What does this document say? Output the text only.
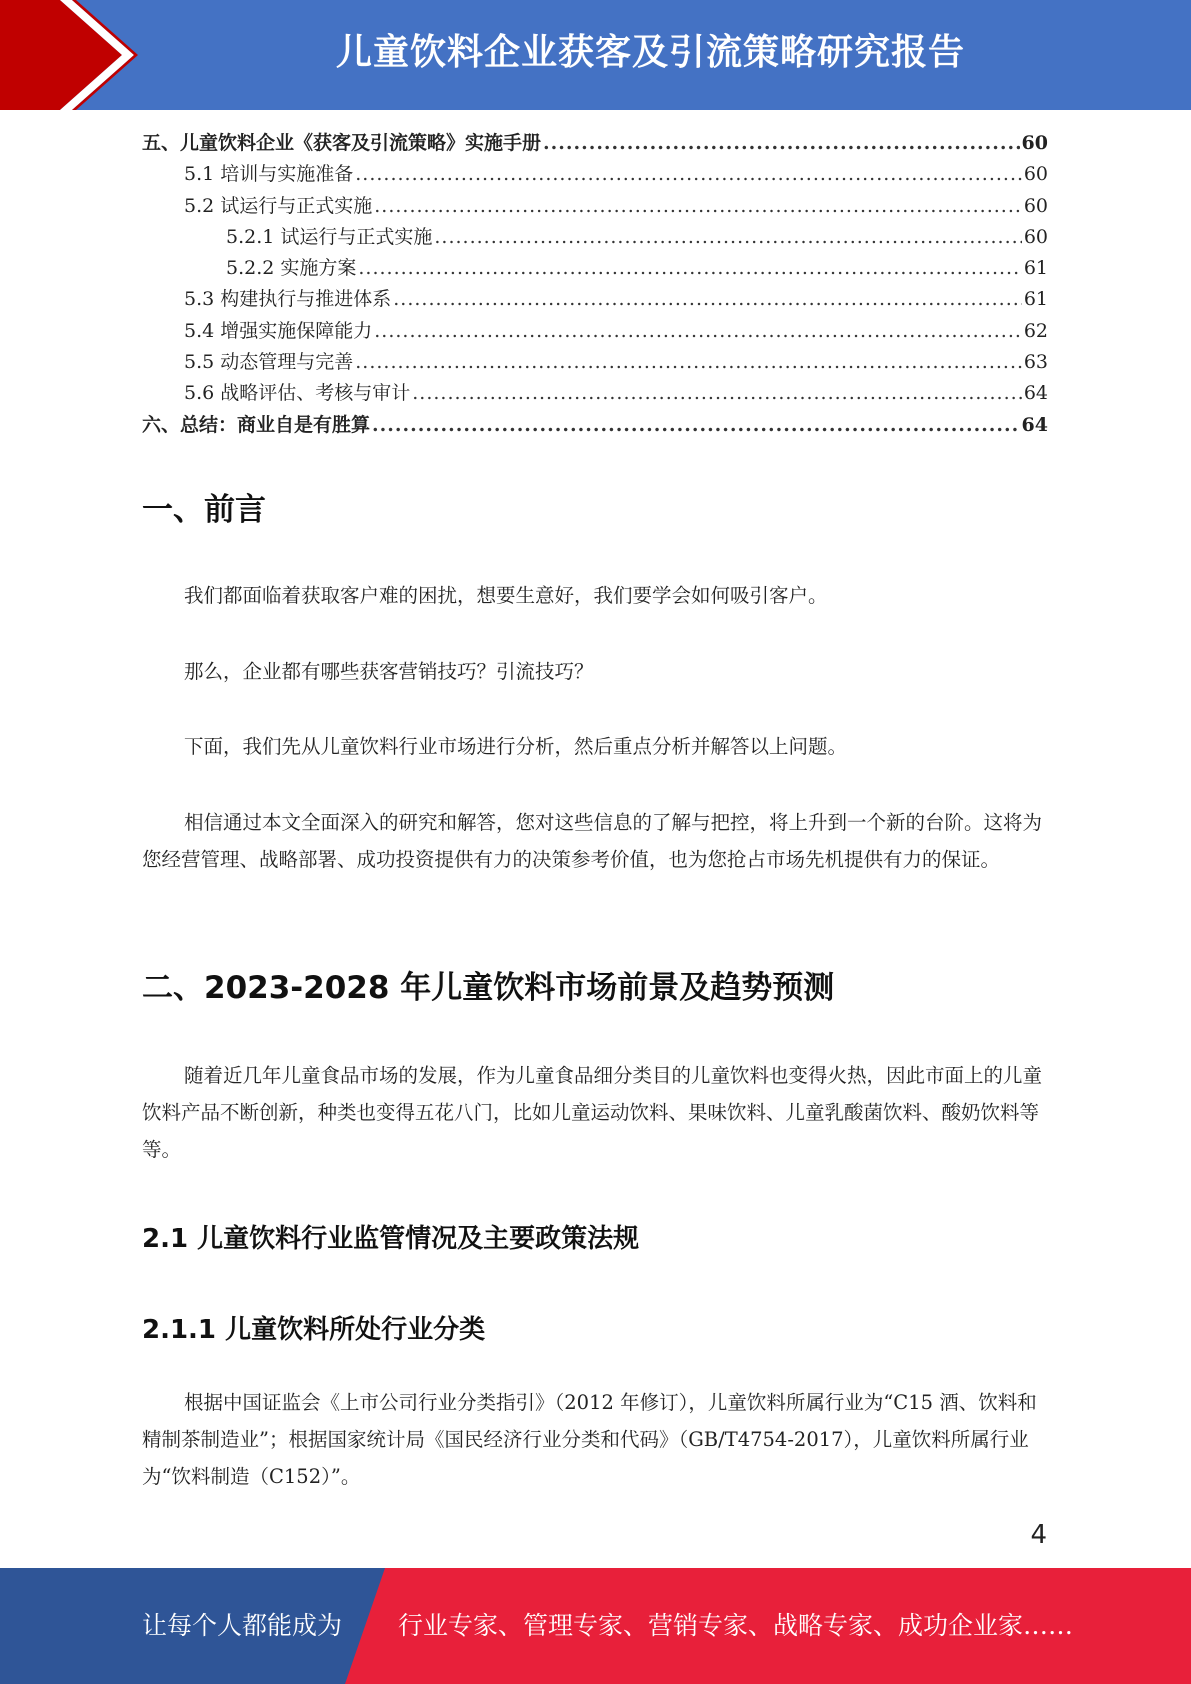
儿童饮料企业获客及引流策略研究报告
五、儿童饮料企业《获客及引流策略》实施手册 .....	60
5.1 培训与实施准备 .....	60
5.2 试运行与正式实施 .....	60
5.2.1 试运行与正式实施 .....	60
5.2.2 实施方案 .....	61
5.3 构建执行与推进体系 .....	61
5.4 增强实施保障能力 .....	62
5.5 动态管理与完善 .....	63
5.6 战略评估、考核与审计 .....	64
六、总结：商业自是有胜算 .....	64
一、前言
我们都面临着获取客户难的困扰，想要生意好，我们要学会如何吸引客户。
那么，企业都有哪些获客营销技巧？引流技巧？
下面，我们先从儿童饮料行业市场进行分析，然后重点分析并解答以上问题。
相信通过本文全面深入的研究和解答，您对这些信息的了解与把控，将上升到一个新的台阶。这将为您经营管理、战略部署、成功投资提供有力的决策参考价值，也为您抢占市场先机提供有力的保证。
二、2023-2028 年儿童饮料市场前景及趋势预测
随着近几年儿童食品市场的发展，作为儿童食品细分类目的儿童饮料也变得火热，因此市面上的儿童饮料产品不断创新，种类也变得五花八门，比如儿童运动饮料、果味饮料、儿童乳酸菌饮料、酸奶饮料等等。
2.1 儿童饮料行业监管情况及主要政策法规
2.1.1 儿童饮料所处行业分类
根据中国证监会《上市公司行业分类指引》（2012 年修订），儿童饮料所属行业为“C15 酒、饮料和精制茶制造业”；根据国家统计局《国民经济行业分类和代码》（GB/T4754-2017），儿童饮料所属行业为“饮料制造（C152）”。
4
让每个人都能成为 行业专家、管理专家、营销专家、战略专家、成功企业家……
